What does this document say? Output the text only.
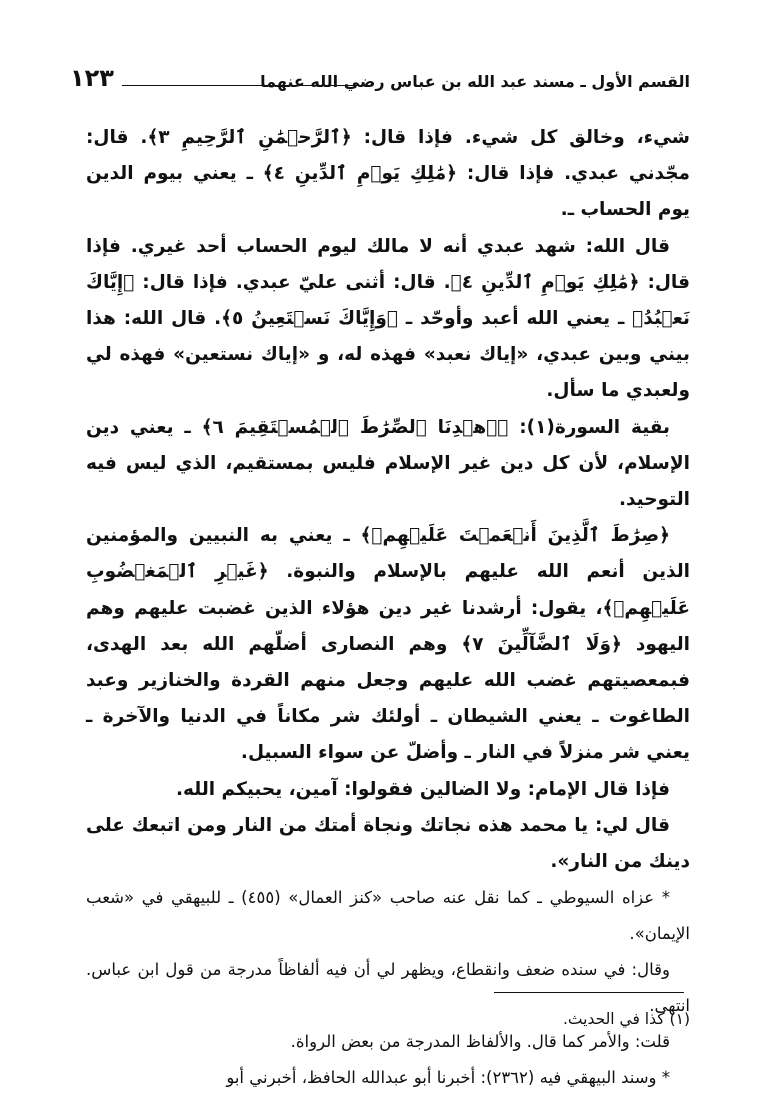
القسم الأول ـ مسند عبد الله بن عباس رضي الله عنهما
١٢٣

شيء، وخالق كل شيء. فإذا قال: ﴿ٱلرَّحۡمَٰنِ ٱلرَّحِيمِ ٣﴾. قال: مجّدني عبدي. فإذا قال: ﴿مَٰلِكِ يَوۡمِ ٱلدِّينِ ٤﴾ ـ يعني بيوم الدين يوم الحساب ـ.

قال الله: شهد عبدي أنه لا مالك ليوم الحساب أحد غيري. فإذا قال: ﴿مَٰلِكِ يَوۡمِ ٱلدِّينِ ٤﴾. قال: أثنى عليّ عبدي. فإذا قال: ﴿إِيَّاكَ نَعۡبُدُ﴾ ـ يعني الله أعبد وأوحّد ـ ﴿وَإِيَّاكَ نَسۡتَعِينُ ٥﴾. قال الله: هذا بيني وبين عبدي، «إياك نعبد» فهذه له، و «إياك نستعين» فهذه لي ولعبدي ما سأل.

بقية السورة(١): ﴿ٱهۡدِنَا ٱلصِّرَٰطَ ٱلۡمُسۡتَقِيمَ ٦﴾ ـ يعني دين الإسلام، لأن كل دين غير الإسلام فليس بمستقيم، الذي ليس فيه التوحيد.

﴿صِرَٰطَ ٱلَّذِينَ أَنۡعَمۡتَ عَلَيۡهِمۡ﴾ ـ يعني به النبيين والمؤمنين الذين أنعم الله عليهم بالإسلام والنبوة. ﴿غَيۡرِ ٱلۡمَغۡضُوبِ عَلَيۡهِمۡ﴾، يقول: أرشدنا غير دين هؤلاء الذين غضبت عليهم وهم اليهود ﴿وَلَا ٱلضَّآلِّينَ ٧﴾ وهم النصارى أضلّهم الله بعد الهدى، فبمعصيتهم غضب الله عليهم وجعل منهم القردة والخنازير وعبد الطاغوت ـ يعني الشيطان ـ أولئك شر مكاناً في الدنيا والآخرة ـ يعني شر منزلاً في النار ـ وأضلّ عن سواء السبيل.

فإذا قال الإمام: ولا الضالين فقولوا: آمين، يحبيكم الله.

قال لي: يا محمد هذه نجاتك ونجاة أمتك من النار ومن اتبعك على دينك من النار».

* عزاه السيوطي ـ كما نقل عنه صاحب «كنز العمال» (٤٥٥) ـ للبيهقي في «شعب الإيمان».

وقال: في سنده ضعف وانقطاع، ويظهر لي أن فيه ألفاظاً مدرجة من قول ابن عباس. انتهى.

قلت: والأمر كما قال. والألفاظ المدرجة من بعض الرواة.

* وسند البيهقي فيه (٢٣٦٢): أخبرنا أبو عبدالله الحافظ، أخبرني أبو

(١) كذا في الحديث.
